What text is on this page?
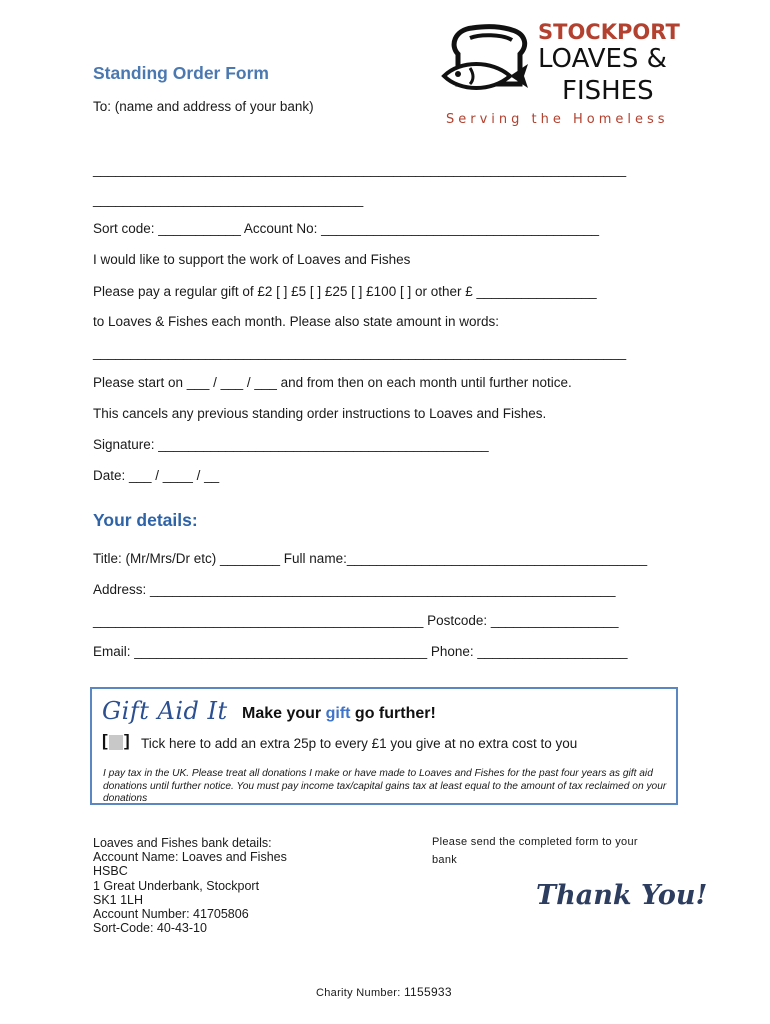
Standing Order Form
To: (name and address of your bank)
STOCKPORT
LOAVES &
FISHES
Serving the Homeless
_______________________________________________________________________
____________________________________
Sort code: ___________ Account No: _____________________________________
I would like to support the work of Loaves and Fishes
Please pay a regular gift of £2 [ ] £5 [ ] £25 [ ] £100 [ ] or other £ ________________
to Loaves & Fishes each month. Please also state amount in words:
_______________________________________________________________________
Please start on ___ / ___ / ___ and from then on each month until further notice.
This cancels any previous standing order instructions to Loaves and Fishes.
Signature: ____________________________________________
Date: ___ / ____ / __
Your details:
Title: (Mr/Mrs/Dr etc) ________ Full name:________________________________________
Address: ______________________________________________________________
____________________________________________ Postcode: _________________
Email: _______________________________________ Phone: ____________________
Gift Aid It Make your gift go further!
[ ] Tick here to add an extra 25p to every £1 you give at no extra cost to you
I pay tax in the UK. Please treat all donations I make or have made to Loaves and Fishes for the past four years as gift aid donations until further notice. You must pay income tax/capital gains tax at least equal to the amount of tax reclaimed on your donations
Loaves and Fishes bank details:
Account Name: Loaves and Fishes
HSBC
1 Great Underbank, Stockport
SK1 1LH
Account Number: 41705806
Sort-Code: 40-43-10
Please send the completed form to your bank
Thank You!
Charity Number: 1155933
